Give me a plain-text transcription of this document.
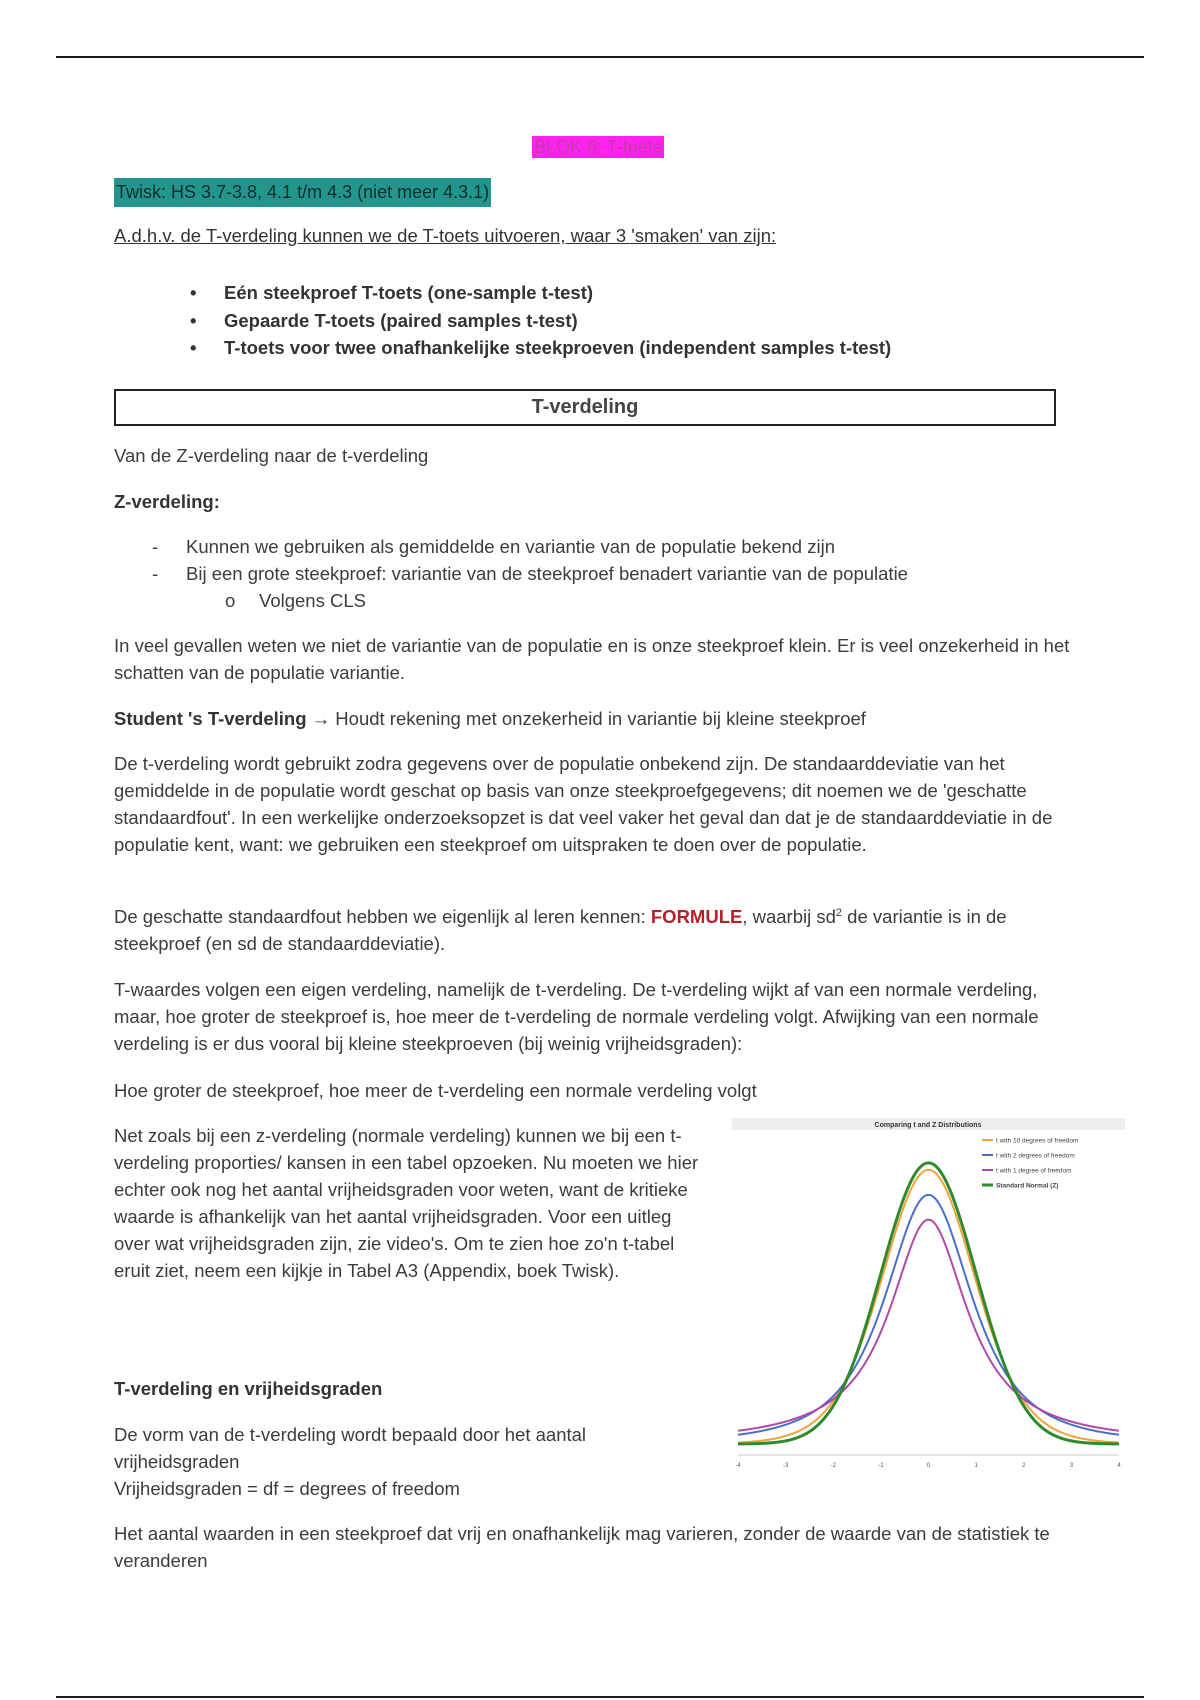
BLOK 0: T-toets
Twisk: HS 3.7-3.8, 4.1 t/m 4.3 (niet meer 4.3.1)
A.d.h.v. de T-verdeling kunnen we de T-toets uitvoeren, waar 3 'smaken' van zijn:
• Eén steekproef T-toets (one-sample t-test)
• Gepaarde T-toets (paired samples t-test)
• T-toets voor twee onafhankelijke steekproeven (independent samples t-test)
T-verdeling
Van de Z-verdeling naar de t-verdeling
Z-verdeling:
- Kunnen we gebruiken als gemiddelde en variantie van de populatie bekend zijn
- Bij een grote steekproef: variantie van de steekproef benadert variantie van de populatie
o Volgens CLS
In veel gevallen weten we niet de variantie van de populatie en is onze steekproef klein. Er is veel onzekerheid in het schatten van de populatie variantie.
Student 's T-verdeling → Houdt rekening met onzekerheid in variantie bij kleine steekproef
De t-verdeling wordt gebruikt zodra gegevens over de populatie onbekend zijn. De standaarddeviatie van het gemiddelde in de populatie wordt geschat op basis van onze steekproefgegevens; dit noemen we de 'geschatte standaardfout'. In een werkelijke onderzoeksopzet is dat veel vaker het geval dan dat je de standaarddeviatie in de populatie kent, want: we gebruiken een steekproef om uitspraken te doen over de populatie.
De geschatte standaardfout hebben we eigenlijk al leren kennen: FORMULE, waarbij $sd^2$ de variantie is in de steekproef (en sd de standaarddeviatie).
T-waardes volgen een eigen verdeling, namelijk de t-verdeling. De t-verdeling wijkt af van een normale verdeling, maar, hoe groter de steekproef is, hoe meer de t-verdeling de normale verdeling volgt. Afwijking van een normale verdeling is er dus vooral bij kleine steekproeven (bij weinig vrijheidsgraden):
Hoe groter de steekproef, hoe meer de t-verdeling een normale verdeling volgt
Net zoals bij een z-verdeling (normale verdeling) kunnen we bij een t-verdeling proporties/ kansen in een tabel opzoeken. Nu moeten we hier echter ook nog het aantal vrijheidsgraden voor weten, want de kritieke waarde is afhankelijk van het aantal vrijheidsgraden. Voor een uitleg over wat vrijheidsgraden zijn, zie video's. Om te zien hoe zo'n t-tabel eruit ziet, neem een kijkje in Tabel A3 (Appendix, boek Twisk).
T-verdeling en vrijheidsgraden
De vorm van de t-verdeling wordt bepaald door het aantal vrijheidsgraden
Vrijheidsgraden = df = degrees of freedom
Het aantal waarden in een steekproef dat vrij en onafhankelijk mag varieren, zonder de waarde van de statistiek te veranderen
Comparing t and Z Distributions
-4	-3	-2	-1	0	1	2	3	4
t with 10 degrees of freedom
t with 2 degrees of freedom
t with 1 degree of freedom
Standard Normal (Z)
